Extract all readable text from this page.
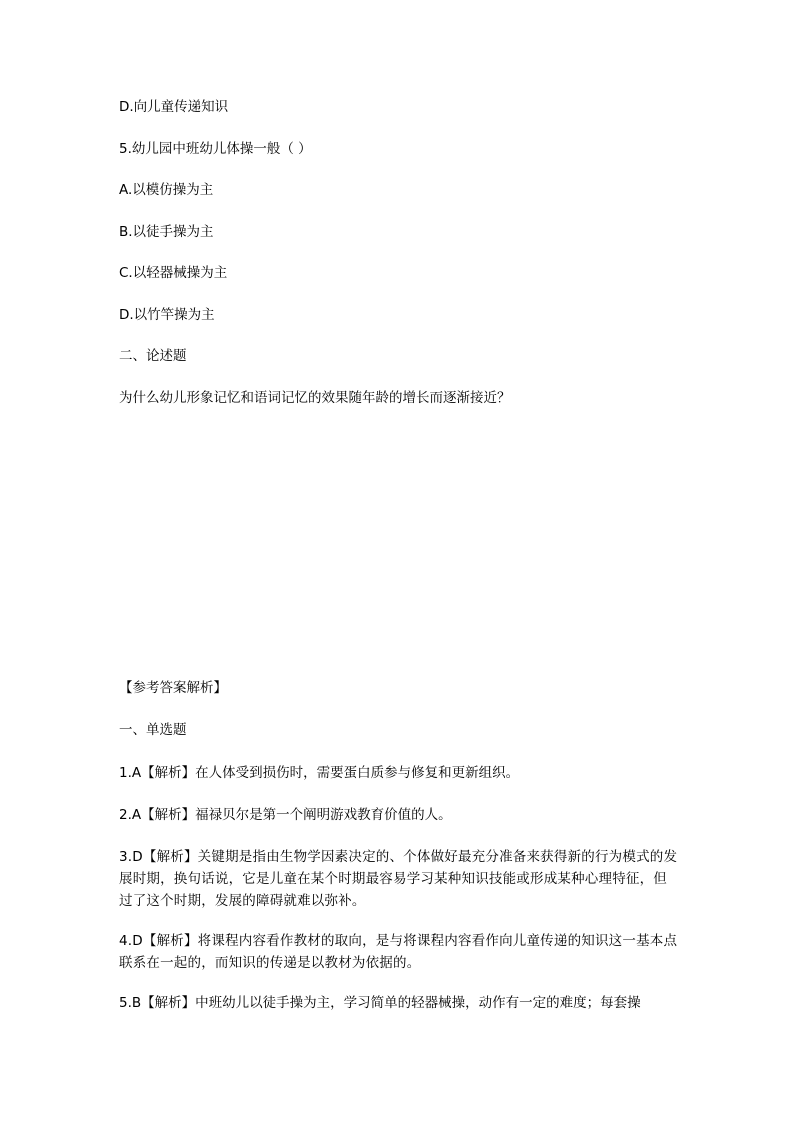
D.向儿童传递知识
5.幼儿园中班幼儿体操一般（ ）
A.以模仿操为主
B.以徒手操为主
C.以轻器械操为主
D.以竹竿操为主
二、论述题
为什么幼儿形象记忆和语词记忆的效果随年龄的增长而逐渐接近？
【参考答案解析】
一、单选题
1.A【解析】在人体受到损伤时，需要蛋白质参与修复和更新组织。
2.A【解析】福禄贝尔是第一个阐明游戏教育价值的人。
3.D【解析】关键期是指由生物学因素决定的、个体做好最充分准备来获得新的行为模式的发展时期，换句话说，它是儿童在某个时期最容易学习某种知识技能或形成某种心理特征，但过了这个时期，发展的障碍就难以弥补。
4.D【解析】将课程内容看作教材的取向，是与将课程内容看作向儿童传递的知识这一基本点联系在一起的，而知识的传递是以教材为依据的。
5.B【解析】中班幼儿以徒手操为主，学习简单的轻器械操，动作有一定的难度；每套操
